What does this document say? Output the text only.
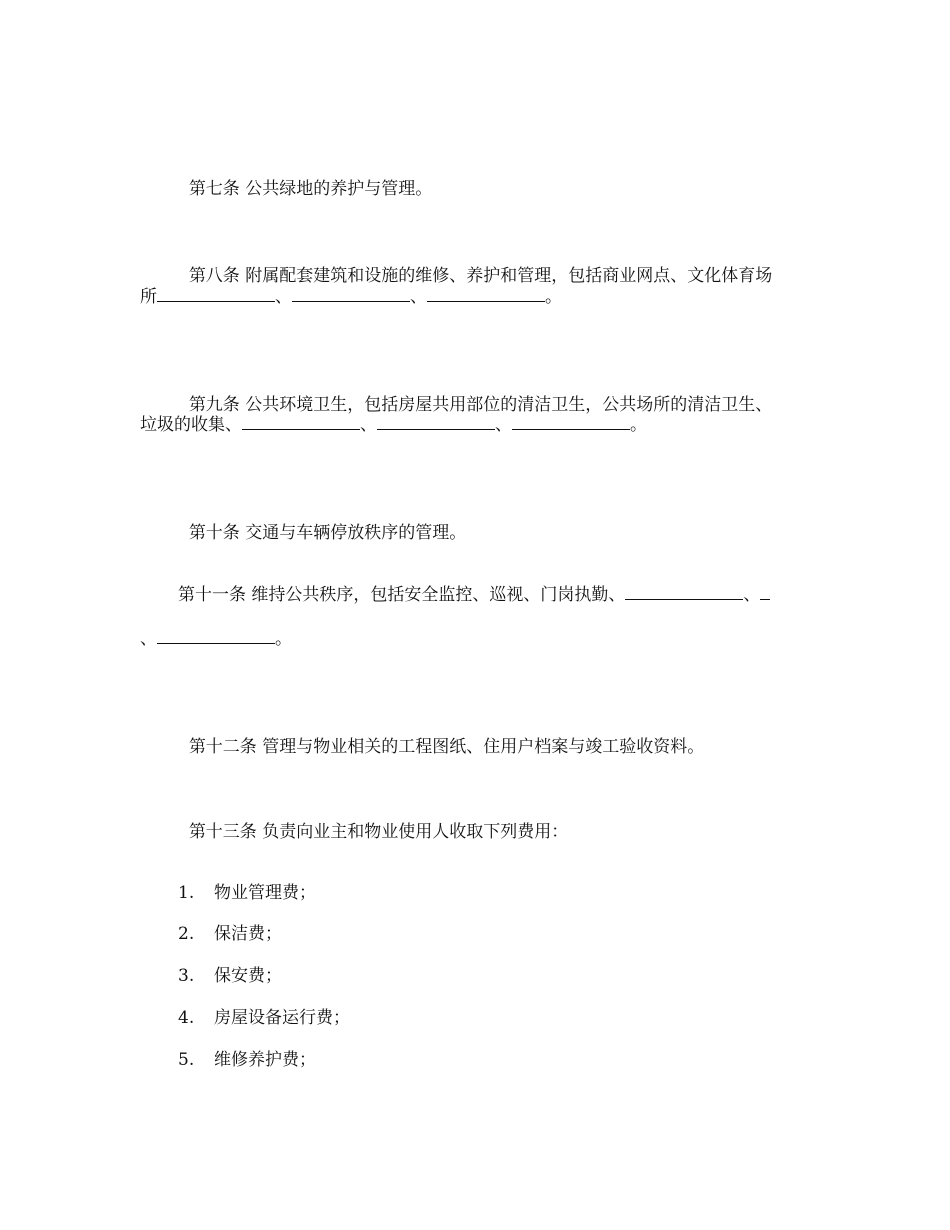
第七条 公共绿地的养护与管理。

第八条 附属配套建筑和设施的维修、养护和管理，包括商业网点、文化体育场

所	、	、	。

第九条 公共环境卫生，包括房屋共用部位的清洁卫生，公共场所的清洁卫生、

垃圾的收集、	、	、	。

第十条 交通与车辆停放秩序的管理。

第十一条 维持公共秩序，包括安全监控、巡视、门岗执勤、	、
、	。

第十二条 管理与物业相关的工程图纸、住用户档案与竣工验收资料。

第十三条 负责向业主和物业使用人收取下列费用：

1. 物业管理费；
2. 保洁费；
3. 保安费；
4. 房屋设备运行费；
5. 维修养护费；
